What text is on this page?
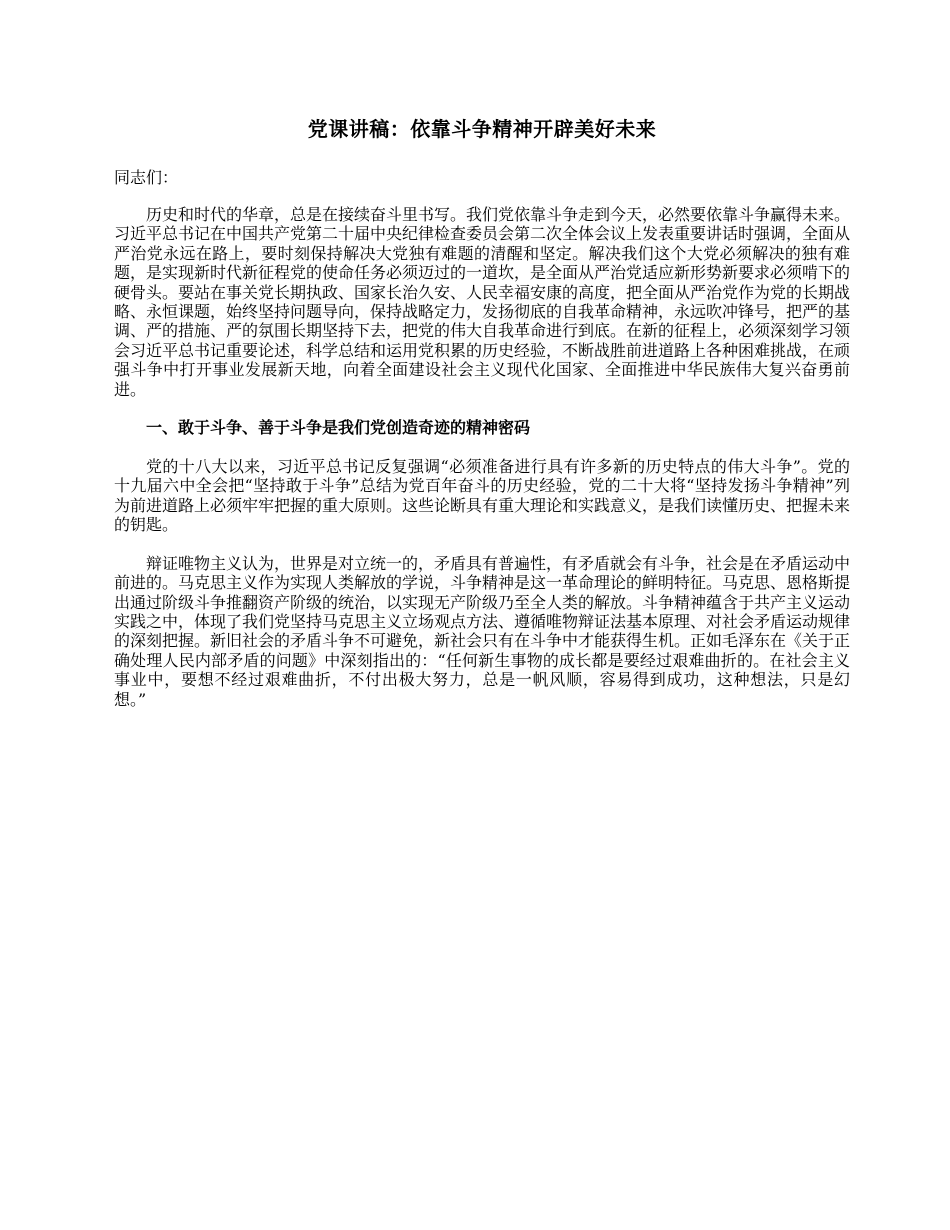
党课讲稿：依靠斗争精神开辟美好未来
同志们：

历史和时代的华章，总是在接续奋斗里书写。我们党依靠斗争走到今天，必然要依靠斗争赢得未来。习近平总书记在中国共产党第二十届中央纪律检查委员会第二次全体会议上发表重要讲话时强调，全面从严治党永远在路上，要时刻保持解决大党独有难题的清醒和坚定。解决我们这个大党必须解决的独有难题，是实现新时代新征程党的使命任务必须迈过的一道坎，是全面从严治党适应新形势新要求必须啃下的硬骨头。要站在事关党长期执政、国家长治久安、人民幸福安康的高度，把全面从严治党作为党的长期战略、永恒课题，始终坚持问题导向，保持战略定力，发扬彻底的自我革命精神，永远吹冲锋号，把严的基调、严的措施、严的氛围长期坚持下去，把党的伟大自我革命进行到底。在新的征程上，必须深刻学习领会习近平总书记重要论述，科学总结和运用党积累的历史经验，不断战胜前进道路上各种困难挑战，在顽强斗争中打开事业发展新天地，向着全面建设社会主义现代化国家、全面推进中华民族伟大复兴奋勇前进。

一、敢于斗争、善于斗争是我们党创造奇迹的精神密码

党的十八大以来，习近平总书记反复强调“必须准备进行具有许多新的历史特点的伟大斗争”。党的十九届六中全会把“坚持敢于斗争”总结为党百年奋斗的历史经验，党的二十大将“坚持发扬斗争精神”列为前进道路上必须牢牢把握的重大原则。这些论断具有重大理论和实践意义，是我们读懂历史、把握未来的钥匙。

辩证唯物主义认为，世界是对立统一的，矛盾具有普遍性，有矛盾就会有斗争，社会是在矛盾运动中前进的。马克思主义作为实现人类解放的学说，斗争精神是这一革命理论的鲜明特征。马克思、恩格斯提出通过阶级斗争推翻资产阶级的统治，以实现无产阶级乃至全人类的解放。斗争精神蕴含于共产主义运动实践之中，体现了我们党坚持马克思主义立场观点方法、遵循唯物辩证法基本原理、对社会矛盾运动规律的深刻把握。新旧社会的矛盾斗争不可避免，新社会只有在斗争中才能获得生机。正如毛泽东在《关于正确处理人民内部矛盾的问题》中深刻指出的：“任何新生事物的成长都是要经过艰难曲折的。在社会主义事业中，要想不经过艰难曲折，不付出极大努力，总是一帆风顺，容易得到成功，这种想法，只是幻想。”
